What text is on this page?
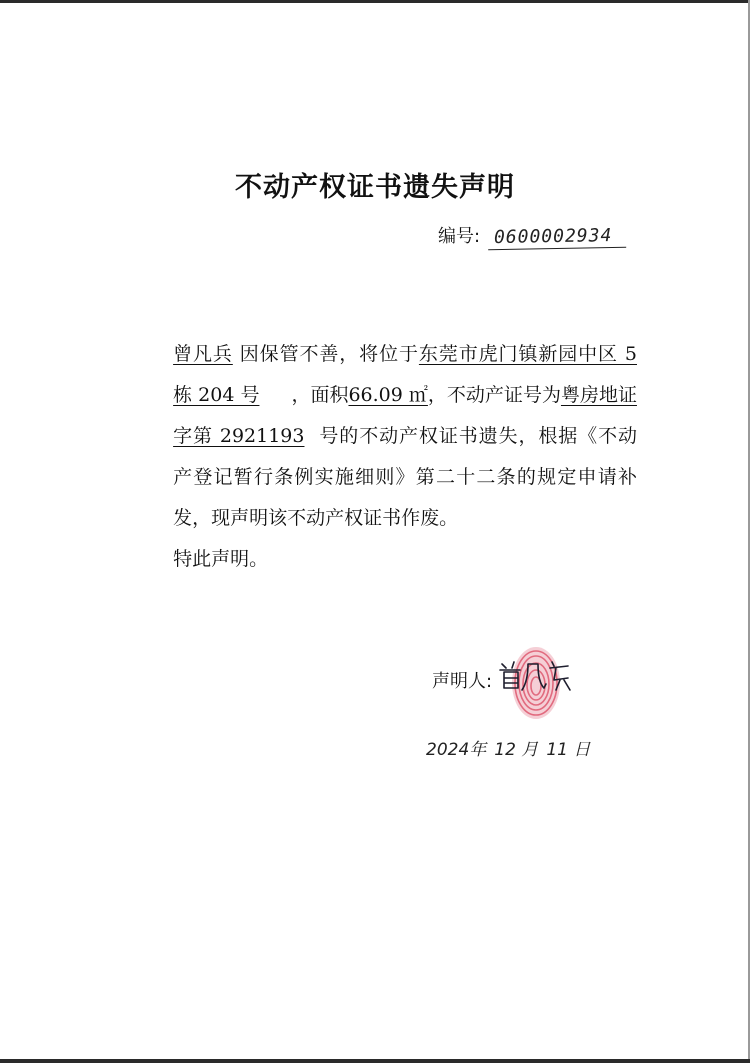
不动产权证书遗失声明
编号: 0600002934

曾凡兵 因保管不善，将位于东莞市虎门镇新园中区 5 栋 204 号 ，面积66.09 ㎡，不动产证号为粤房地证字第 2921193 号的不动产权证书遗失，根据《不动产登记暂行条例实施细则》第二十二条的规定申请补发，现声明该不动产权证书作废。

特此声明。

声明人:
2024年 12 月 11 日
